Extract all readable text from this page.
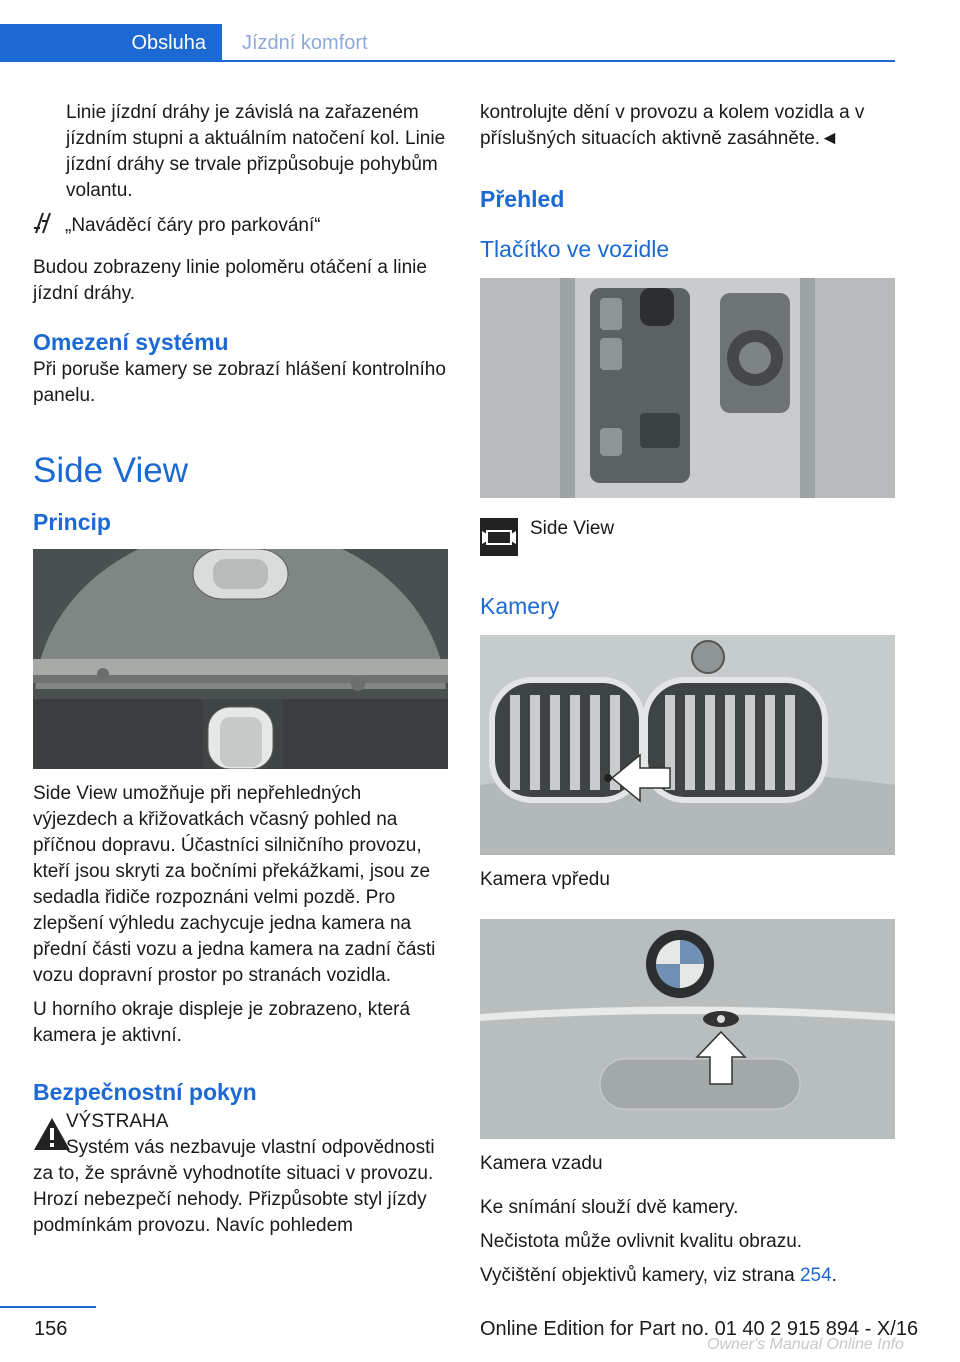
Obsluha	Jízdní komfort

Linie jízdní dráhy je závislá na zařazeném jízdním stupni a aktuálním natočení kol. Linie jízdní dráhy se trvale přizpůsobuje pohybům volantu.

„Naváděcí čáry pro parkování“

Budou zobrazeny linie poloměru otáčení a linie jízdní dráhy.

Omezení systému

Při poruše kamery se zobrazí hlášení kontrolního panelu.

Side View
Princip

Side View umožňuje při nepřehledných výjezdech a křižovatkách včasný pohled na příčnou dopravu. Účastníci silničního provozu, kteří jsou skryti za bočními překážkami, jsou ze sedadla řidiče rozpoznáni velmi pozdě. Pro zlepšení výhledu zachycuje jedna kamera na přední části vozu a jedna kamera na zadní části vozu dopravní prostor po stranách vozidla.

U horního okraje displeje je zobrazeno, která kamera je aktivní.

Bezpečnostní pokyn

VÝSTRAHA

Systém vás nezbavuje vlastní odpovědnosti za to, že správně vyhodnotíte situaci v provozu. Hrozí nebezpečí nehody. Přizpůsobte styl jízdy podmínkám provozu. Navíc pohledem

kontrolujte dění v provozu a kolem vozidla a v příslušných situacích aktivně zasáhněte.◄

Přehled
Tlačítko ve vozidle

Side View

Kamery

Kamera vpředu

Kamera vzadu

Ke snímání slouží dvě kamery.

Nečistota může ovlivnit kvalitu obrazu.

Vyčištění objektivů kamery, viz strana 254.

156	Online Edition for Part no. 01 40 2 915 894 - X/16
Owner's Manual Online Info
